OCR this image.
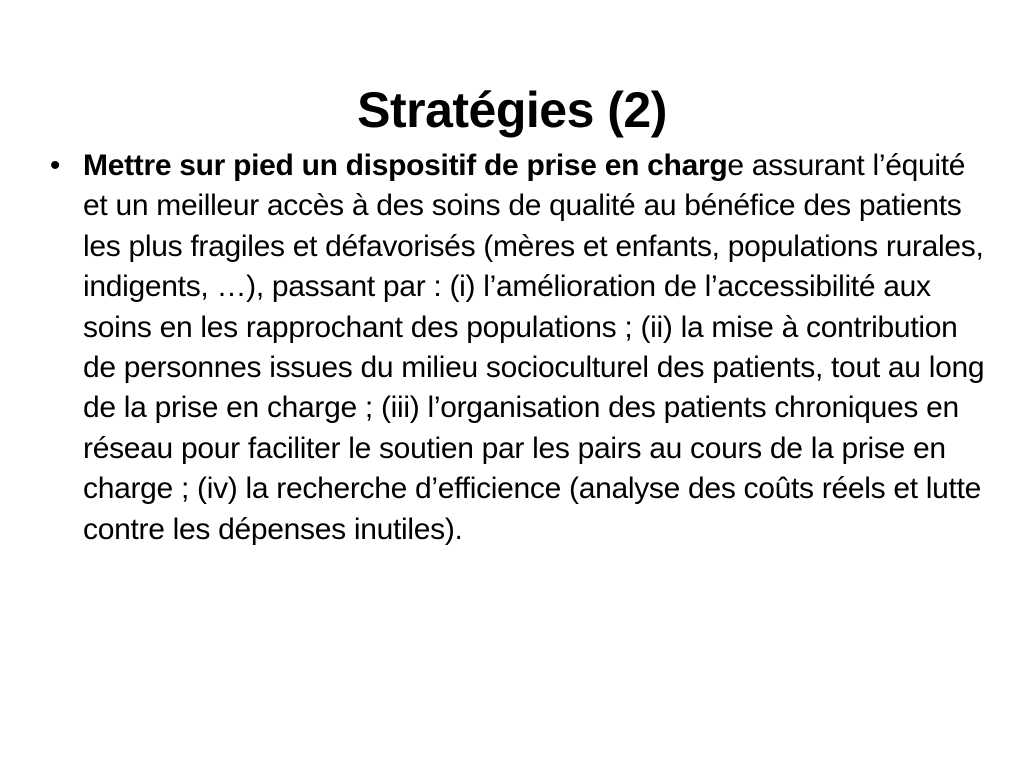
Stratégies (2)
• Mettre sur pied un dispositif de prise en charge assurant l’équité et un meilleur accès à des soins de qualité au bénéfice des patients les plus fragiles et défavorisés (mères et enfants, populations rurales, indigents, …), passant par : (i) l’amélioration de l’accessibilité aux soins en les rapprochant des populations ; (ii) la mise à contribution de personnes issues du milieu socioculturel des patients, tout au long de la prise en charge ; (iii) l’organisation des patients chroniques en réseau pour faciliter le soutien par les pairs au cours de la prise en charge ; (iv) la recherche d’efficience (analyse des coûts réels et lutte contre les dépenses inutiles).
